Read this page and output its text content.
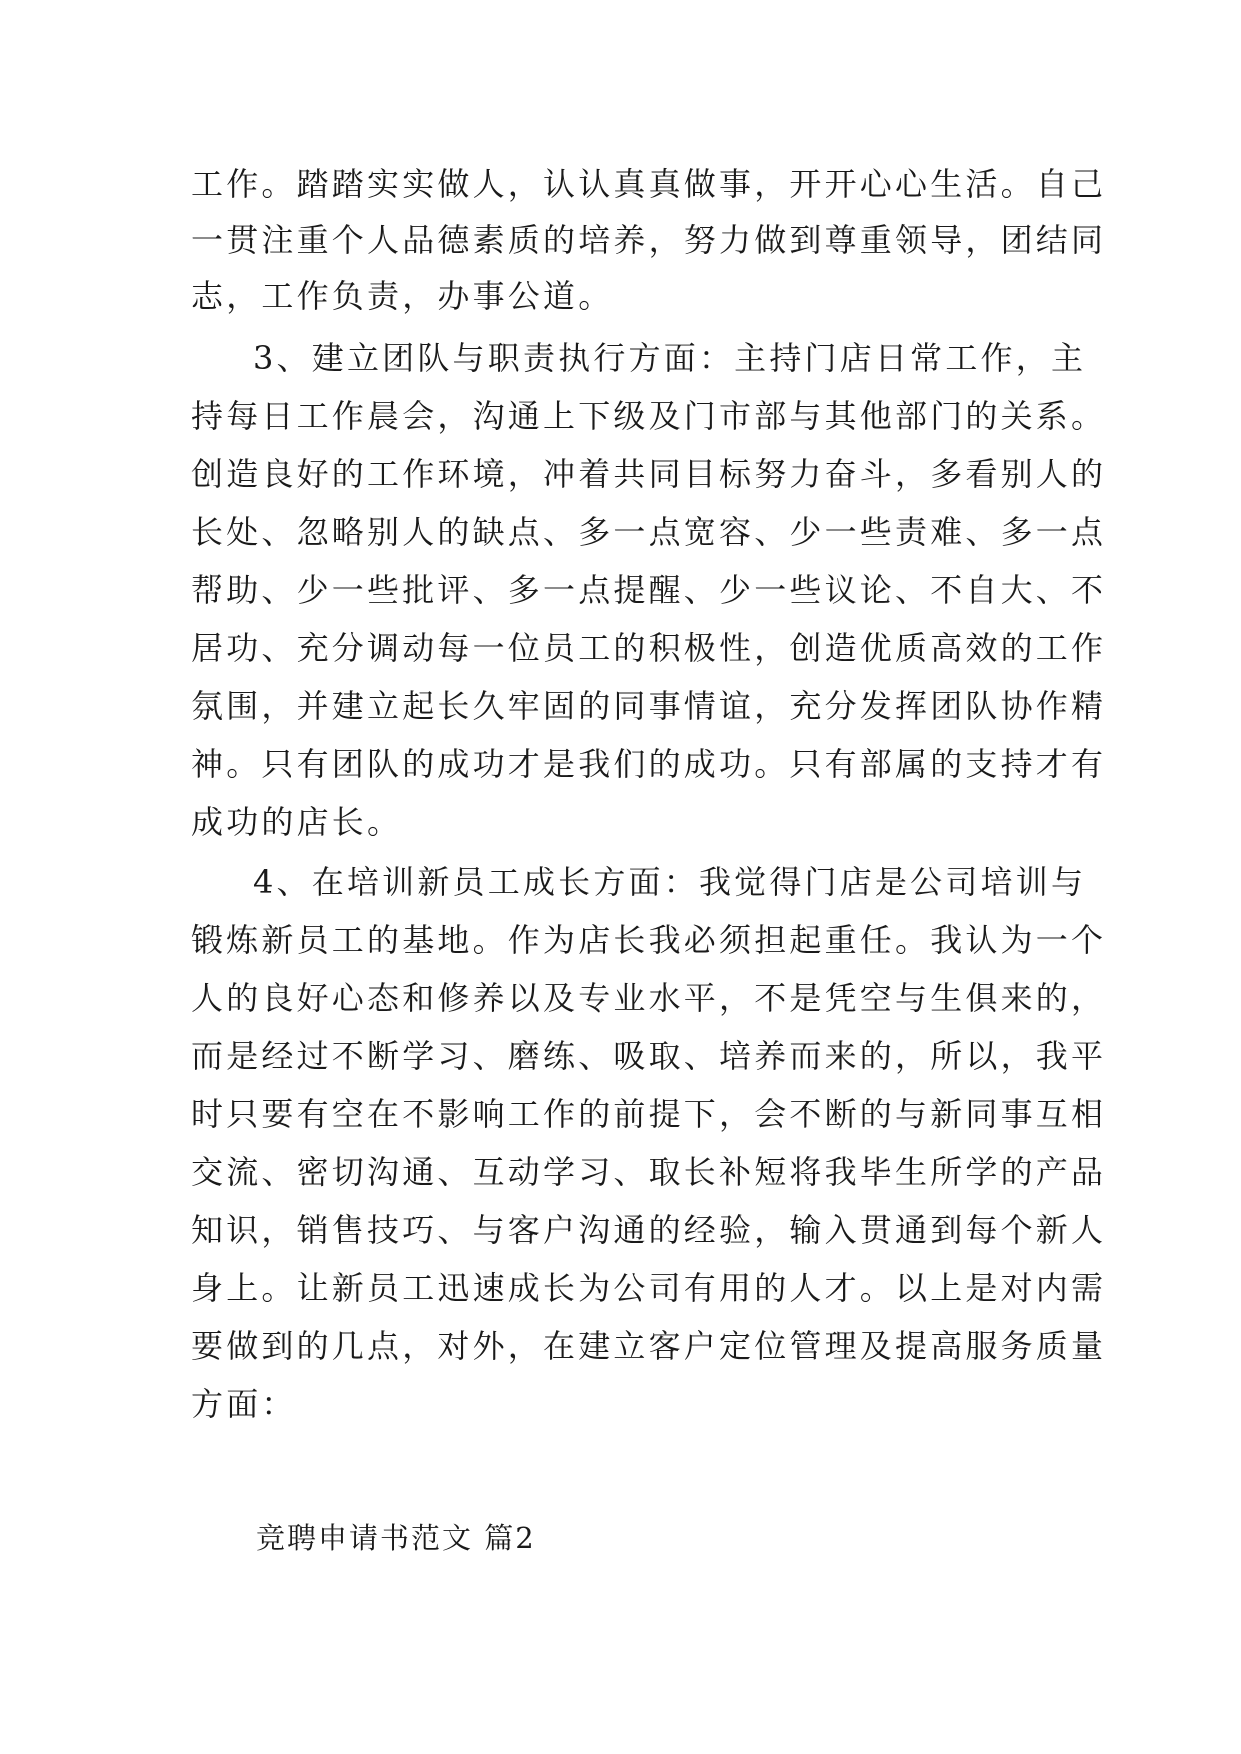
工作。踏踏实实做人，认认真真做事，开开心心生活。自己
一贯注重个人品德素质的培养，努力做到尊重领导，团结同
志，工作负责，办事公道。
3、建立团队与职责执行方面：主持门店日常工作，主
持每日工作晨会，沟通上下级及门市部与其他部门的关系。
创造良好的工作环境，冲着共同目标努力奋斗，多看别人的
长处、忽略别人的缺点、多一点宽容、少一些责难、多一点
帮助、少一些批评、多一点提醒、少一些议论、不自大、不
居功、充分调动每一位员工的积极性，创造优质高效的工作
氛围，并建立起长久牢固的同事情谊，充分发挥团队协作精
神。只有团队的成功才是我们的成功。只有部属的支持才有
成功的店长。
4、在培训新员工成长方面：我觉得门店是公司培训与
锻炼新员工的基地。作为店长我必须担起重任。我认为一个
人的良好心态和修养以及专业水平，不是凭空与生俱来的，
而是经过不断学习、磨练、吸取、培养而来的，所以，我平
时只要有空在不影响工作的前提下，会不断的与新同事互相
交流、密切沟通、互动学习、取长补短将我毕生所学的产品
知识，销售技巧、与客户沟通的经验，输入贯通到每个新人
身上。让新员工迅速成长为公司有用的人才。以上是对内需
要做到的几点，对外，在建立客户定位管理及提高服务质量
方面：
竞聘申请书范文 篇2
